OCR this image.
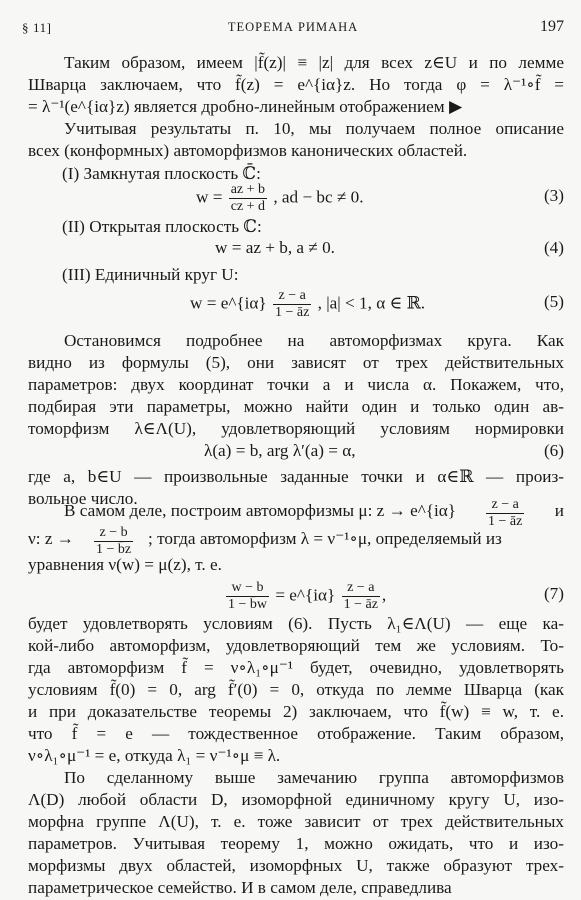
§ 11]	ТЕОРЕМА РИМАНА	197
Таким образом, имеем |f̃(z)| ≡ |z| для всех z∈U и по лемме
Шварца заключаем, что f̃(z) = e^{iα}z. Но тогда φ = λ⁻¹∘f̃ =
= λ⁻¹(e^{iα}z) является дробно-линейным отображением ▶
Учитывая результаты п. 10, мы получаем полное описание
всех (конформных) автоморфизмов канонических областей.
(I) Замкнутая плоскость ℂ̄:
$w = \frac{az + b}{cz + d}$ , ad − bc ≠ 0.	(3)
(II) Открытая плоскость ℂ:
w = az + b, a ≠ 0.	(4)
(III) Единичный круг U:
w = e^{iα} $\frac{z - a}{1 - āz}$ , |a| < 1, α ∈ ℝ.	(5)
Остановимся подробнее на автоморфизмах круга. Как
видно из формулы (5), они зависят от трех действительных
параметров: двух координат точки a и числа α. Покажем, что,
подбирая эти параметры, можно найти один и только один ав-
томорфизм λ∈Λ(U), удовлетворяющий условиям нормировки
λ(a) = b, arg λ′(a) = α,	(6)
где a, b∈U — произвольные заданные точки и α∈ℝ — произ-
вольное число.
В самом деле, построим автоморфизмы μ: z → e^{iα} $\frac{z - a}{1 - āz}$ и
ν: $z \to \frac{z - b}{1 - b̄z}$ ; тогда автоморфизм λ = ν⁻¹∘μ, определяемый из
уравнения ν(w) = μ(z), т. е.
$\frac{w - b}{1 - b̄w}$ = e^{iα} $\frac{z - a}{1 - āz}$ ,	(7)
будет удовлетворять условиям (6). Пусть λ₁∈Λ(U) — еще ка-
кой-либо автоморфизм, удовлетворяющий тем же условиям. То-
гда автоморфизм f̃ = ν∘λ₁∘μ⁻¹ будет, очевидно, удовлетворять
условиям f̃(0) = 0, arg f̃′(0) = 0, откуда по лемме Шварца (как
и при доказательстве теоремы 2) заключаем, что f̃(w) ≡ w, т. е.
что f̃ = e — тождественное отображение. Таким образом,
ν∘λ₁∘μ⁻¹ = e, откуда λ₁ = ν⁻¹∘μ ≡ λ.
По сделанному выше замечанию группа автоморфизмов
Λ(D) любой области D, изоморфной единичному кругу U, изо-
морфна группе Λ(U), т. е. тоже зависит от трех действительных
параметров. Учитывая теорему 1, можно ожидать, что и изо-
морфизмы двух областей, изоморфных U, также образуют трех-
параметрическое семейство. И в самом деле, справедлива
